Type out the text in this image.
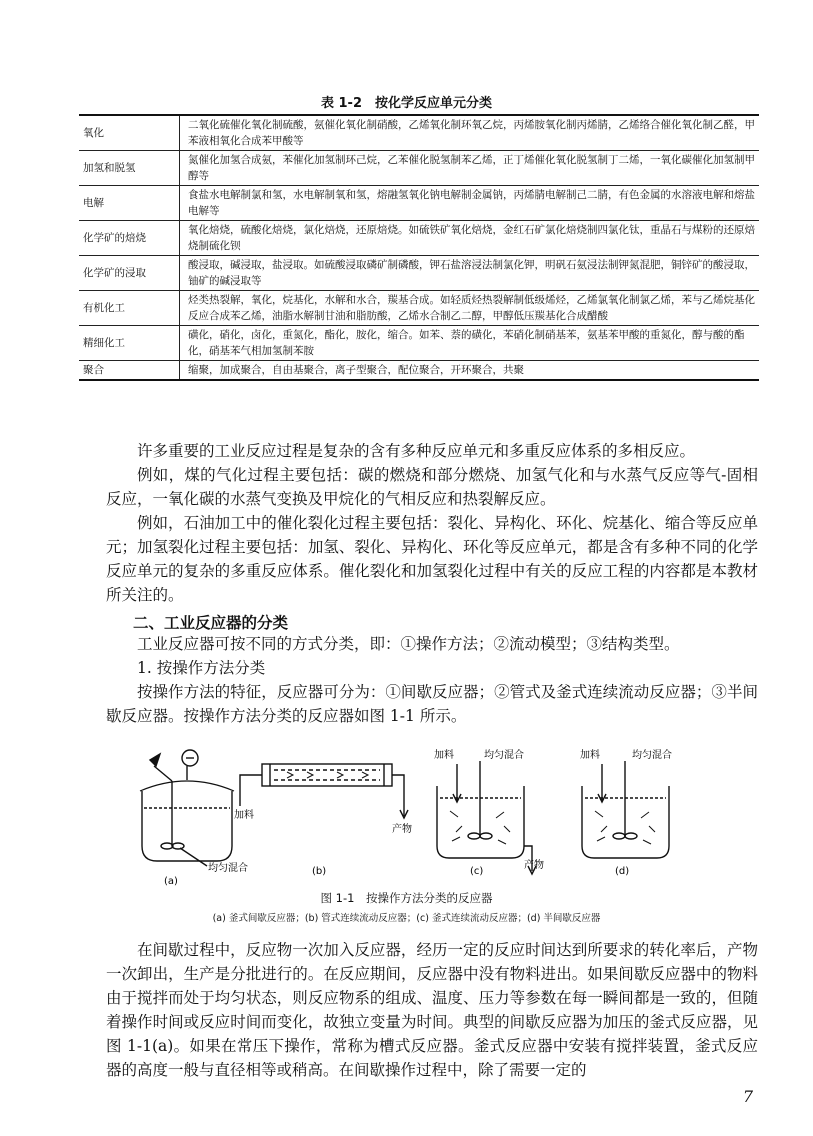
表 1-2　按化学反应单元分类
氧化	二氧化硫催化氧化制硫酸，氨催化氧化制硝酸，乙烯氧化制环氧乙烷，丙烯胺氧化制丙烯腈，乙烯络合催化氧化制乙醛，甲苯液相氧化合成苯甲酸等
加氢和脱氢	氮催化加氢合成氨，苯催化加氢制环己烷，乙苯催化脱氢制苯乙烯，正丁烯催化氧化脱氢制丁二烯，一氧化碳催化加氢制甲醇等
电解	食盐水电解制氯和氢，水电解制氧和氢，熔融氢氧化钠电解制金属钠，丙烯腈电解制己二腈，有色金属的水溶液电解和熔盐电解等
化学矿的焙烧	氧化焙烧，硫酸化焙烧，氯化焙烧，还原焙烧。如硫铁矿氧化焙烧，金红石矿氯化焙烧制四氯化钛，重晶石与煤粉的还原焙烧制硫化钡
化学矿的浸取	酸浸取，碱浸取，盐浸取。如硫酸浸取磷矿制磷酸，钾石盐溶浸法制氯化钾，明矾石氨浸法制钾氮混肥，铜锌矿的酸浸取，铀矿的碱浸取等
有机化工	烃类热裂解，氧化，烷基化，水解和水合，羰基合成。如轻质烃热裂解制低级烯烃，乙烯氯氧化制氯乙烯，苯与乙烯烷基化反应合成苯乙烯，油脂水解制甘油和脂肪酸，乙烯水合制乙二醇，甲醇低压羰基化合成醋酸
精细化工	磺化，硝化，卤化，重氮化，酯化，胺化，缩合。如苯、萘的磺化，苯硝化制硝基苯，氨基苯甲酸的重氮化，醇与酸的酯化，硝基苯气相加氢制苯胺
聚合	缩聚，加成聚合，自由基聚合，离子型聚合，配位聚合，开环聚合，共聚

许多重要的工业反应过程是复杂的含有多种反应单元和多重反应体系的多相反应。

例如，煤的气化过程主要包括：碳的燃烧和部分燃烧、加氢气化和与水蒸气反应等气-固相反应，一氧化碳的水蒸气变换及甲烷化的气相反应和热裂解反应。

例如，石油加工中的催化裂化过程主要包括：裂化、异构化、环化、烷基化、缩合等反应单元；加氢裂化过程主要包括：加氢、裂化、异构化、环化等反应单元，都是含有多种不同的化学反应单元的复杂的多重反应体系。催化裂化和加氢裂化过程中有关的反应工程的内容都是本教材所关注的。

二、工业反应器的分类
工业反应器可按不同的方式分类，即：①操作方法；②流动模型；③结构类型。
1. 按操作方法分类

按操作方法的特征，反应器可分为：①间歇反应器；②管式及釜式连续流动反应器；③半间歇反应器。按操作方法分类的反应器如图 1-1 所示。

均匀混合
(a)
加料
产物
(b)
加料	均匀混合
产物
(c)
加料	均匀混合
(d)
图 1-1　按操作方法分类的反应器
(a) 釜式间歇反应器；(b) 管式连续流动反应器；(c) 釜式连续流动反应器；(d) 半间歇反应器

在间歇过程中，反应物一次加入反应器，经历一定的反应时间达到所要求的转化率后，产物一次卸出，生产是分批进行的。在反应期间，反应器中没有物料进出。如果间歇反应器中的物料由于搅拌而处于均匀状态，则反应物系的组成、温度、压力等参数在每一瞬间都是一致的，但随着操作时间或反应时间而变化，故独立变量为时间。典型的间歇反应器为加压的釜式反应器，见图 1-1(a)。如果在常压下操作，常称为槽式反应器。釜式反应器中安装有搅拌装置，釜式反应器的高度一般与直径相等或稍高。在间歇操作过程中，除了需要一定的

7
